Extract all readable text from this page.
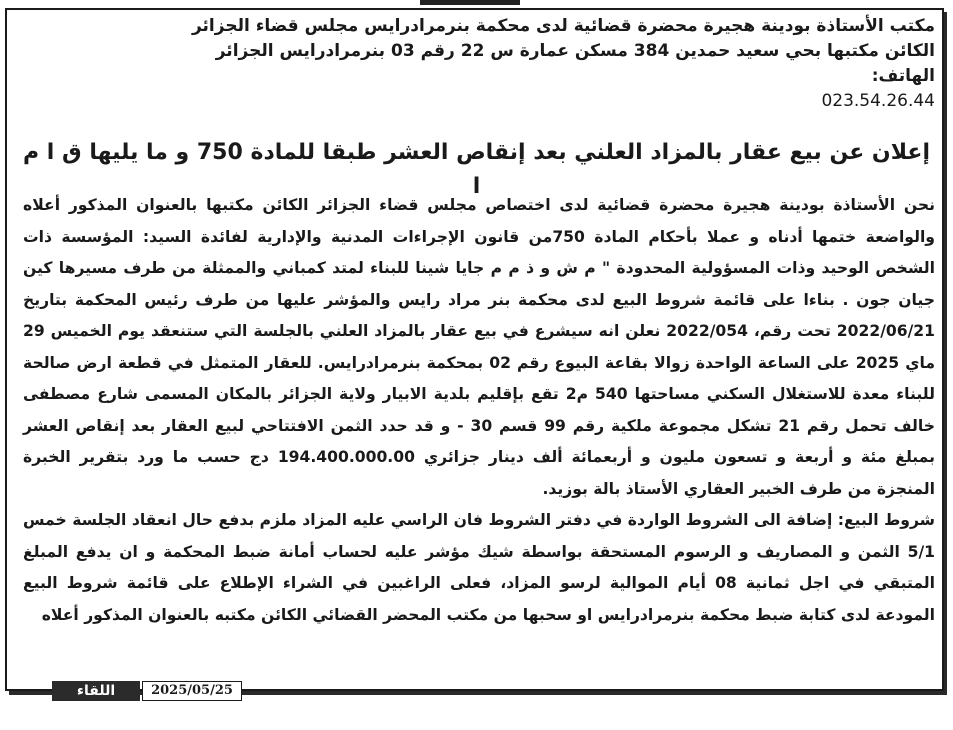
مكتب الأستاذة بودينة هجيرة محضرة قضائية لدى محكمة بنرمرادرايس مجلس قضاء الجزائر
الكائن مكتبها بحي سعيد حمدين 384 مسكن عمارة س 22 رقم 03 بنرمرادرايس الجزائر
الهاتف:
023.54.26.44
إعلان عن بيع عقار بالمزاد العلني بعد إنقاص العشر طبقا للمادة 750 و ما يليها ق ا م ا

نحن الأستاذة بودينة هجيرة محضرة قضائية لدى اختصاص مجلس قضاء الجزائر الكائن مكتبها بالعنوان المذكور أعلاه والواضعة ختمها أدناه و عملا بأحكام المادة 750من قانون الإجراءات المدنية والإدارية لفائدة السيد: المؤسسة ذات الشخص الوحيد وذات المسؤولية المحدودة " م ش و ذ م م جايا شينا للبناء لمتد كمباني والممثلة من طرف مسيرها كين جيان جون . بناءا على قائمة شروط البيع لدى محكمة بنر مراد رايس والمؤشر عليها من طرف رئيس المحكمة بتاريخ 2022/06/21 تحت رقم، 2022/054 نعلن انه سيشرع في بيع عقار بالمزاد العلني بالجلسة التي ستنعقد يوم الخميس 29 ماي 2025 على الساعة الواحدة زوالا بقاعة البيوع رقم 02 بمحكمة بنرمرادرايس. للعقار المتمثل في قطعة ارض صالحة للبناء معدة للاستغلال السكني مساحتها 540 م2 تقع بإقليم بلدية الابيار ولاية الجزائر بالمكان المسمى شارع مصطفى خالف تحمل رقم 21 تشكل مجموعة ملكية رقم 99 قسم 30 - و قد حدد الثمن الافتتاحي لبيع العقار بعد إنقاص العشر بمبلغ مئة و أربعة و تسعون مليون و أربعمائة ألف دينار جزائري 194.400.000.00 دج حسب ما ورد بتقرير الخبرة المنجزة من طرف الخبير العقاري الأستاذ بالة بوزيد.

شروط البيع: إضافة الى الشروط الواردة في دفتر الشروط فان الراسي عليه المزاد ملزم بدفع حال انعقاد الجلسة خمس 5/1 الثمن و المصاريف و الرسوم المستحقة بواسطة شيك مؤشر عليه لحساب أمانة ضبط المحكمة و ان يدفع المبلغ المتبقي في اجل ثمانية 08 أيام الموالية لرسو المزاد، فعلى الراغبين في الشراء الإطلاع على قائمة شروط البيع المودعة لدى كتابة ضبط محكمة بنرمرادرايس او سحبها من مكتب المحضر القضائي الكائن مكتبه بالعنوان المذكور أعلاه

اللقاء	2025/05/25
